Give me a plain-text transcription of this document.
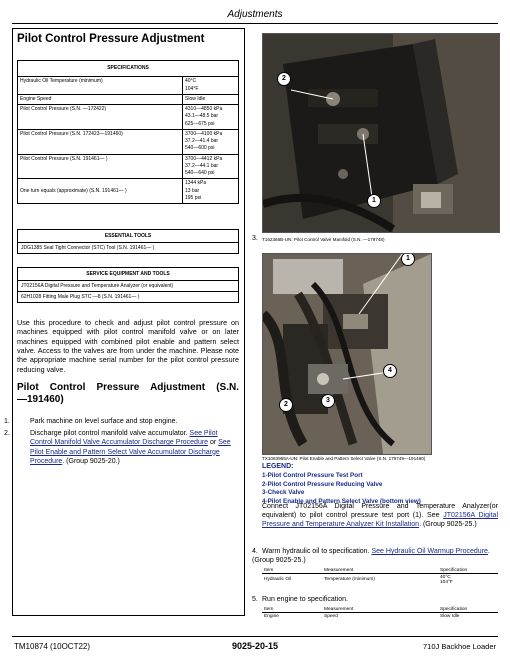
Adjustments
Pilot Control Pressure Adjustment
SPECIFICATIONS	
Hydraulic Oil Temperature (minimum)	40°C
104°F

Engine Speed	Slow Idle

Pilot Control Pressure (S.N. —172422)	4310—4850 kPa
43.1—48.5 bar
625—675 psi

Pilot Control Pressure (S.N. 172423—191460)	3700—4100 kPa
37.2—41.4 bar
540—600 psi

Pilot Control Pressure (S.N. 191461— )	3700—4412 kPa
37.2—44.1 bar
540—640 psi

One turn equals (approximate) (S.N. 191461— )	1344 kPa
13 bar
195 psi
ESSENTIAL TOOLS
JDG1385 Seal Tight Connector (STC) Tool (S.N. 191461— )
SERVICE EQUIPMENT AND TOOLS
JT02156A Digital Pressure and Temperature Analyzer (or equivalent)
62H1028 Fitting Male Plug STC —8 (S.N. 191461— )
Use this procedure to check and adjust pilot control pressure on machines equipped with pilot control manifold valve or on later machines equipped with combined pilot enable and pattern select valve. Access to the valves are from under the machine. Please note the appropriate machine serial number for the pilot control pressure reducing valve.
Pilot Control Pressure Adjustment (S.N.
—191460)
1.	Park machine on level surface and stop engine.
2.	Discharge pilot control manifold valve accumulator. See Pilot Control Manifold Valve Accumulator Discharge Procedure or See Pilot Enable and Pattern Select Valve Accumulator Discharge Procedure. (Group 9025-20.)
2
1
3. T162366B-UN: Pilot Control Valve Manifold (S.N. —179748)
1
4
2
3
TX1063965A-UN: Pilot Enable and Pattern Select Valve (S.N. 179749—191460)
LEGEND:
1-Pilot Control Pressure Test Port
2-Pilot Control Pressure Reducing Valve
3-Check Valve
4-Pilot Enable and Pattern Select Valve (bottom view)
Connect JT02156A Digital Pressure and Temperature Analyzer(or equivalent) to pilot control pressure test port (1). See JT02156A Digital Pressure and Temperature Analyzer Kit Installation. (Group 9025-25.)
4. Warm hydraulic oil to specification. See Hydraulic Oil Warmup Procedure. (Group 9025-25.)
Item	Measurement	Specification
Hydraulic Oil	Temperature (minimum)	40°C
104°F
5. Run engine to specification.
Item	Measurement	Specification
Engine	Speed	Slow Idle
TM10874 (10OCT22)	9025-20-15	710J Backhoe Loader
